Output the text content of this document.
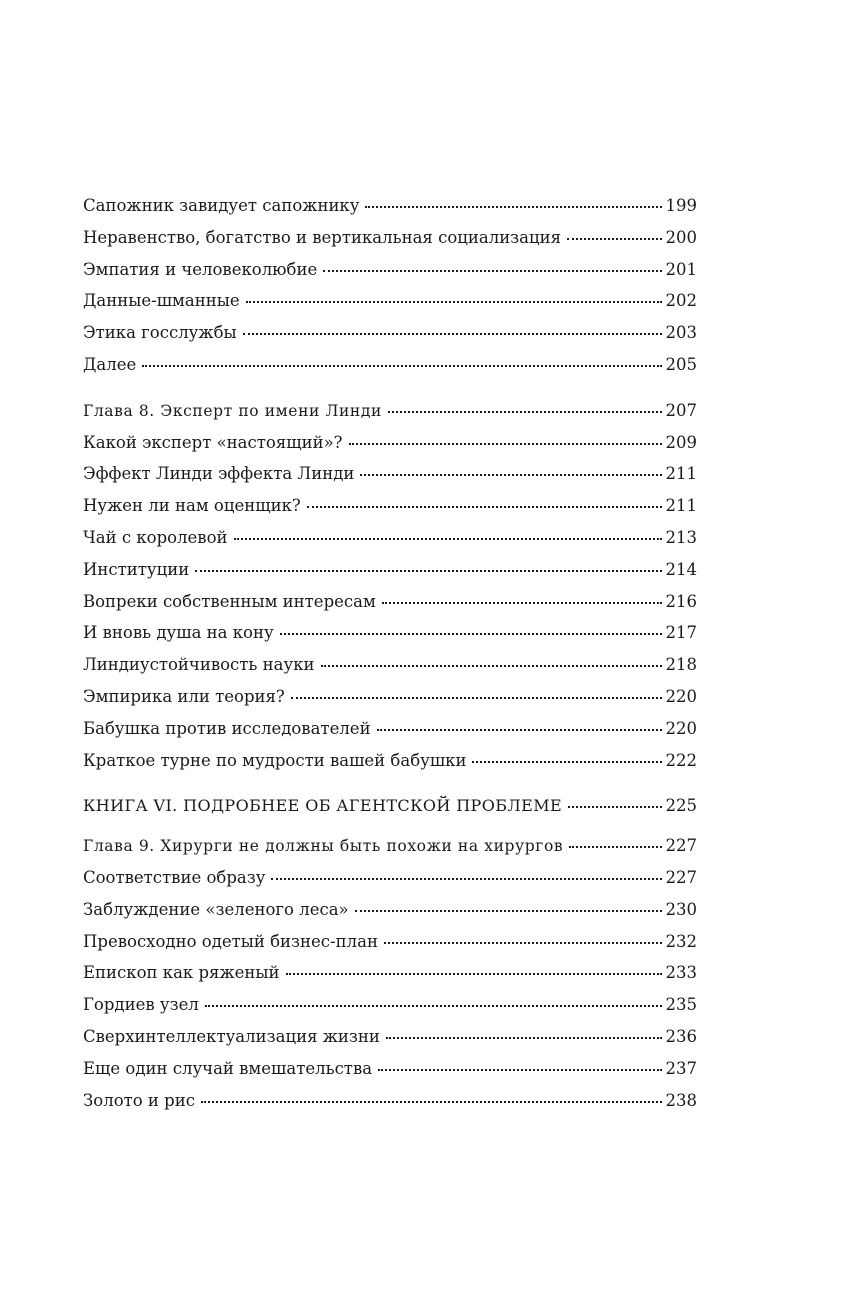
Сапожник завидует сапожнику	199
Неравенство, богатство и вертикальная социализация	200
Эмпатия и человеколюбие	201
Данные-шманные	202
Этика госслужбы	203
Далее	205
Глава 8. Эксперт по имени Линди	207
Какой эксперт «настоящий»?	209
Эффект Линди эффекта Линди	211
Нужен ли нам оценщик?	211
Чай с королевой	213
Институции	214
Вопреки собственным интересам	216
И вновь душа на кону	217
Линдиустойчивость науки	218
Эмпирика или теория?	220
Бабушка против исследователей	220
Краткое турне по мудрости вашей бабушки	222
КНИГА VI. ПОДРОБНЕЕ ОБ АГЕНТСКОЙ ПРОБЛЕМЕ	225
Глава 9. Хирурги не должны быть похожи на хирургов	227
Соответствие образу	227
Заблуждение «зеленого леса»	230
Превосходно одетый бизнес-план	232
Епископ как ряженый	233
Гордиев узел	235
Сверхинтеллектуализация жизни	236
Еще один случай вмешательства	237
Золото и рис	238
